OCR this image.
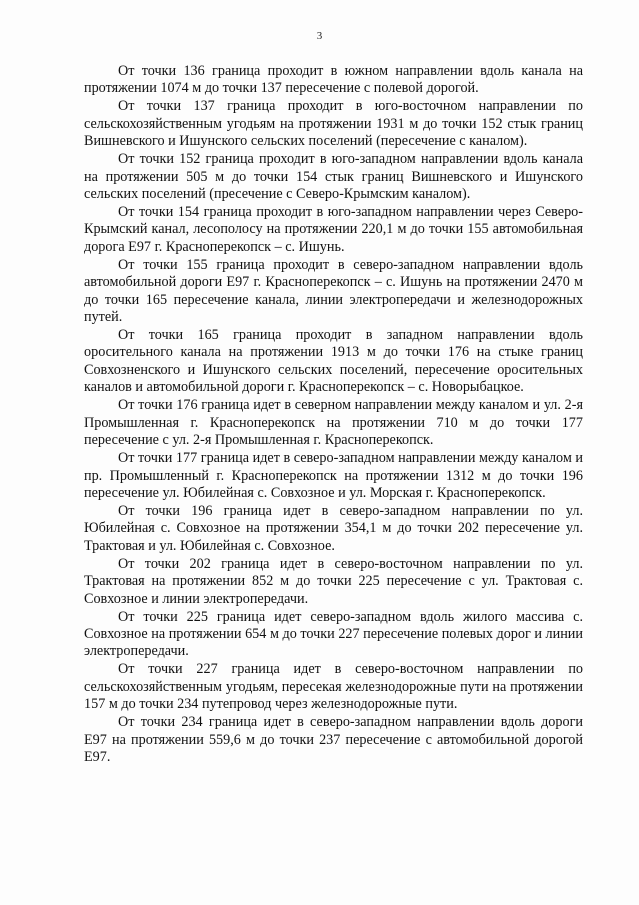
3

От точки 136 граница проходит в южном направлении вдоль канала на протяжении 1074 м до точки 137 пересечение с полевой дорогой.

От точки 137 граница проходит в юго-восточном направлении по сельскохозяйственным угодьям на протяжении 1931 м до точки 152 стык границ Вишневского и Ишунского сельских поселений (пересечение с каналом).

От точки 152 граница проходит в юго-западном направлении вдоль канала на протяжении 505 м до точки 154 стык границ Вишневского и Ишунского сельских поселений (пресечение с Северо-Крымским каналом).

От точки 154 граница проходит в юго-западном направлении через Северо-Крымский канал, лесополосу на протяжении 220,1 м до точки 155 автомобильная дорога Е97 г. Красноперекопск – с. Ишунь.

От точки 155 граница проходит в северо-западном направлении вдоль автомобильной дороги Е97 г. Красноперекопск – с. Ишунь на протяжении 2470 м до точки 165 пересечение канала, линии электропередачи и железнодорожных путей.

От точки 165 граница проходит в западном направлении вдоль оросительного канала на протяжении 1913 м до точки 176 на стыке границ Совхозненского и Ишунского сельских поселений, пересечение оросительных каналов и автомобильной дороги г. Красноперекопск – с. Новорыбацкое.

От точки 176 граница идет в северном направлении между каналом и ул. 2-я Промышленная г. Красноперекопск на протяжении 710 м до точки 177 пересечение с ул. 2-я Промышленная г. Красноперекопск.

От точки 177 граница идет в северо-западном направлении между каналом и пр. Промышленный г. Красноперекопск на протяжении 1312 м до точки 196 пересечение ул. Юбилейная с. Совхозное и ул. Морская г. Красноперекопск.

От точки 196 граница идет в северо-западном направлении по ул. Юбилейная с. Совхозное на протяжении 354,1 м до точки 202 пересечение ул. Трактовая и ул. Юбилейная с. Совхозное.

От точки 202 граница идет в северо-восточном направлении по ул. Трактовая на протяжении 852 м до точки 225 пересечение с ул. Трактовая с. Совхозное и линии электропередачи.

От точки 225 граница идет северо-западном вдоль жилого массива с. Совхозное на протяжении 654 м до точки 227 пересечение полевых дорог и линии электропередачи.

От точки 227 граница идет в северо-восточном направлении по сельскохозяйственным угодьям, пересекая железнодорожные пути на протяжении 157 м до точки 234 путепровод через железнодорожные пути.

От точки 234 граница идет в северо-западном направлении вдоль дороги Е97 на протяжении 559,6 м до точки 237 пересечение с автомобильной дорогой Е97.
